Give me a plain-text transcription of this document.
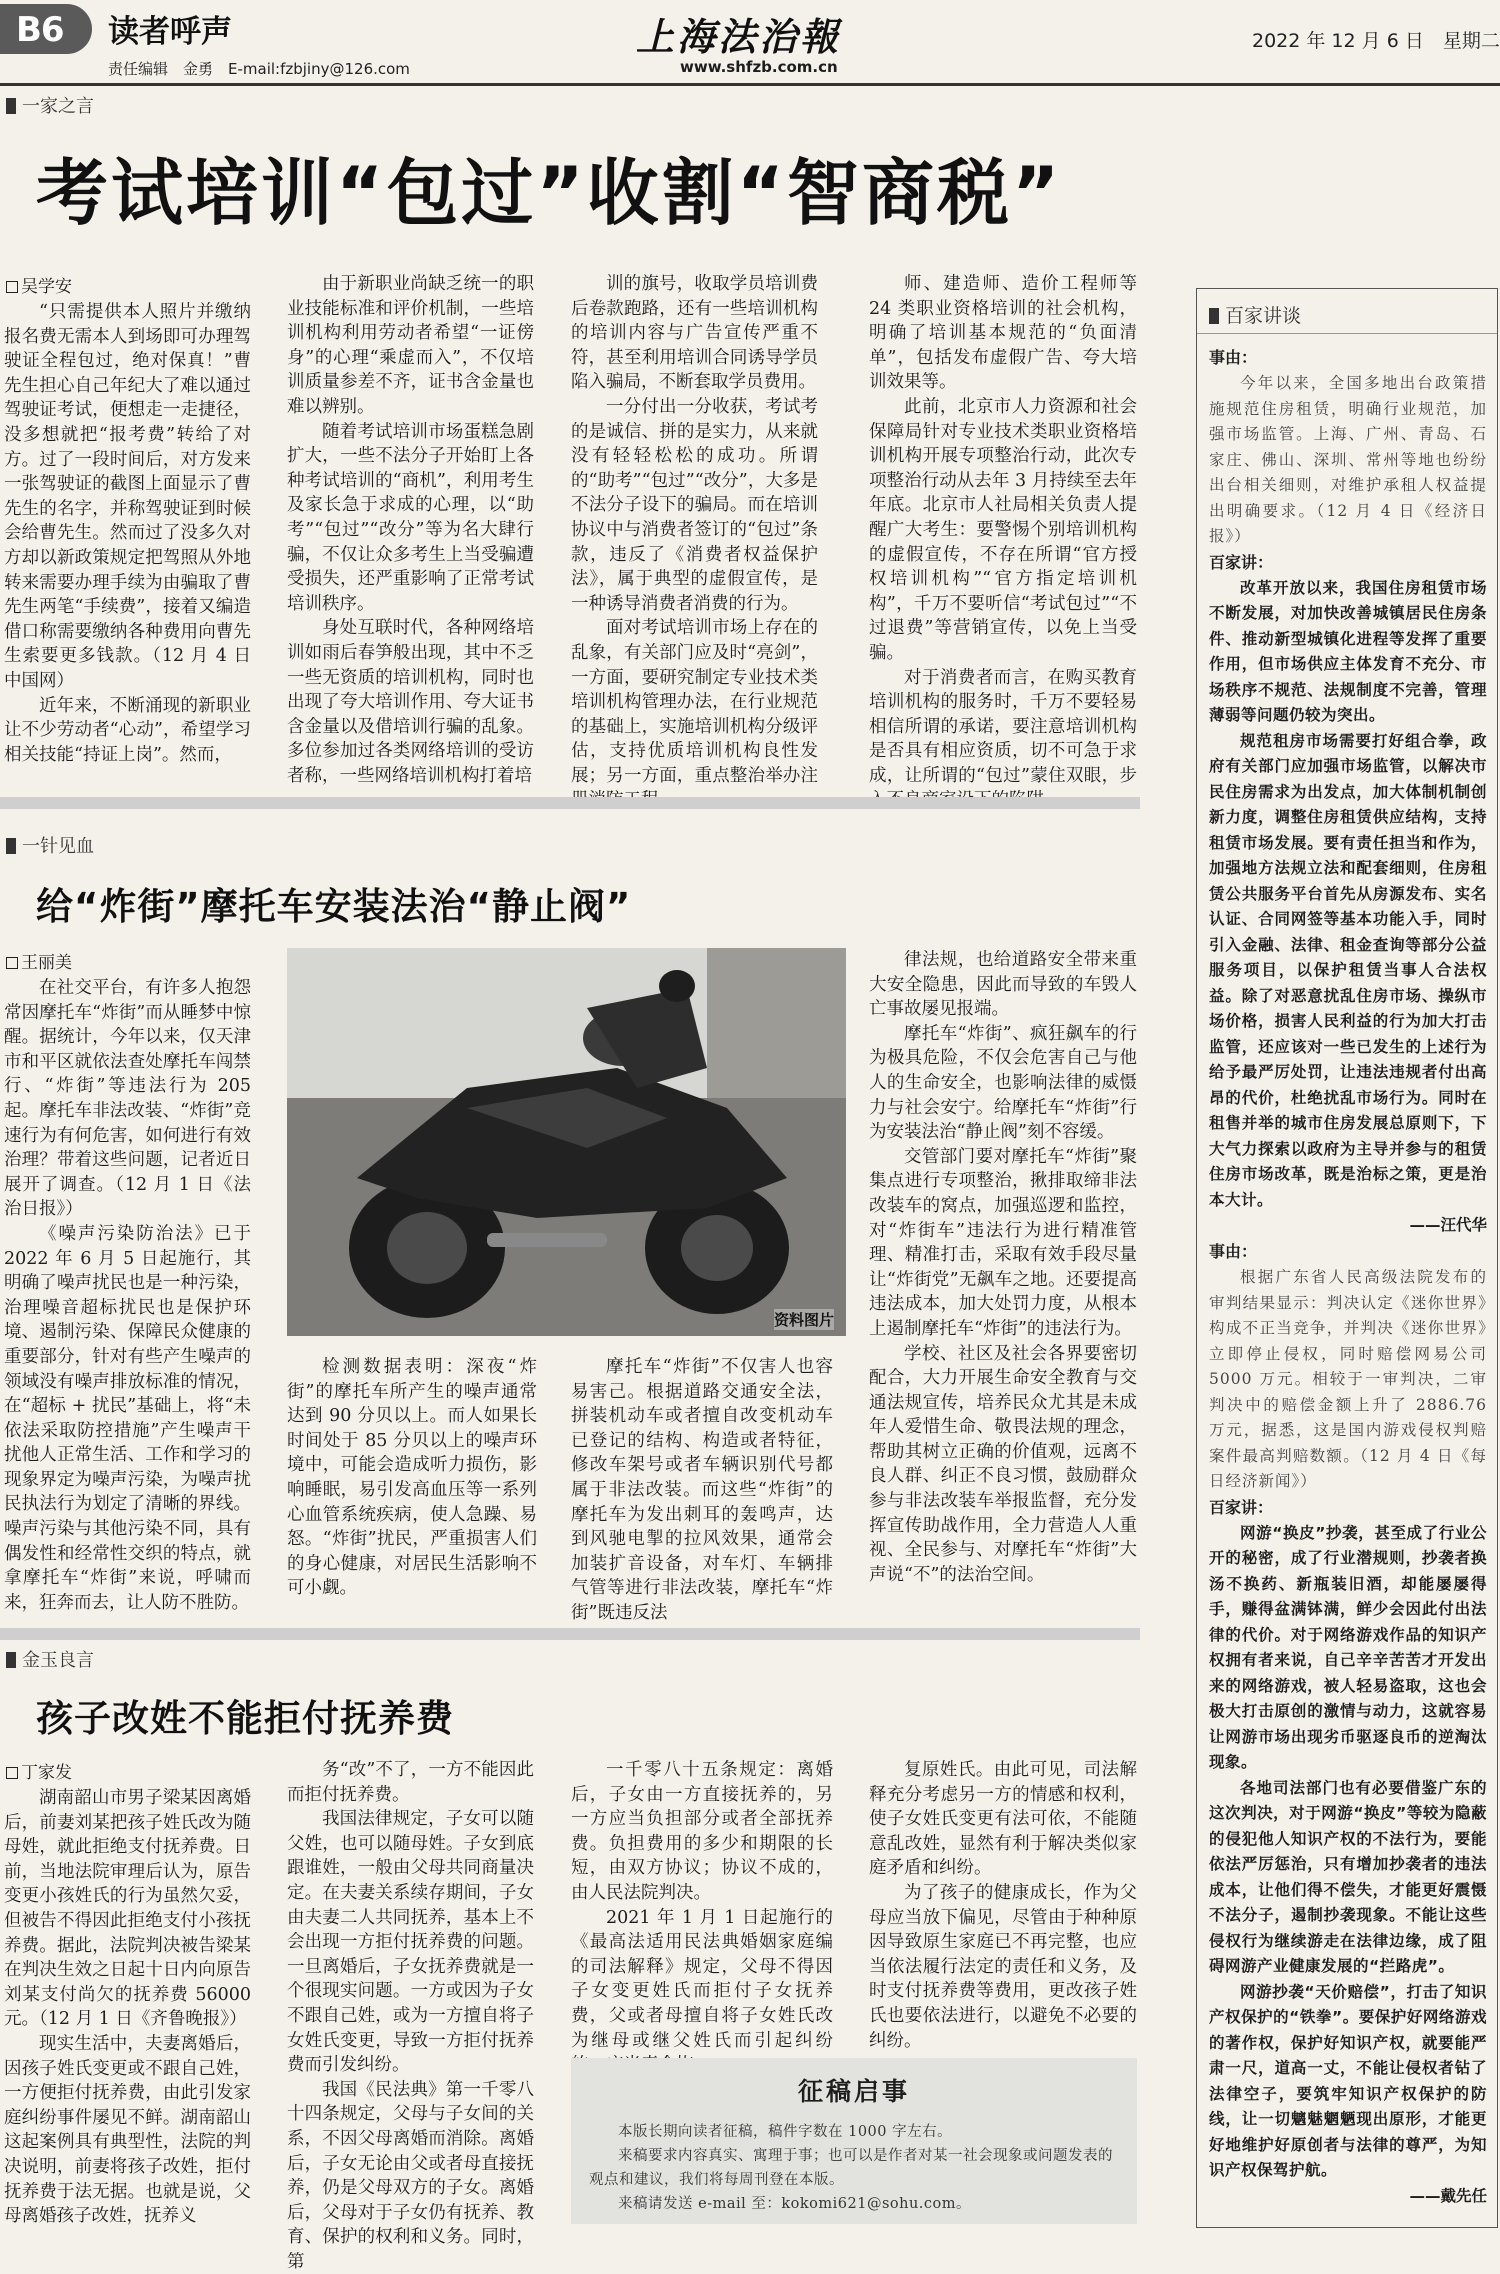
B6 读者呼声
责任编辑　金勇　E-mail:fzbjiny@126.com
上海法治報
www.shfzb.com.cn
2022 年 12 月 6 日　星期二
一家之言
考试培训“包过”收割“智商税”
吴学安

“只需提供本人照片并缴纳报名费无需本人到场即可办理驾驶证全程包过，绝对保真！”曹先生担心自己年纪大了难以通过驾驶证考试，便想走一走捷径，没多想就把“报考费”转给了对方。过了一段时间后，对方发来一张驾驶证的截图上面显示了曹先生的名字，并称驾驶证到时候会给曹先生。然而过了没多久对方却以新政策规定把驾照从外地转来需要办理手续为由骗取了曹先生两笔“手续费”，接着又编造借口称需要缴纳各种费用向曹先生索要更多钱款。（12 月 4 日中国网）

近年来，不断涌现的新职业让不少劳动者“心动”，希望学习相关技能“持证上岗”。然而，

由于新职业尚缺乏统一的职业技能标准和评价机制，一些培训机构利用劳动者希望“一证傍身”的心理“乘虚而入”，不仅培训质量参差不齐，证书含金量也难以辨别。

随着考试培训市场蛋糕急剧扩大，一些不法分子开始盯上各种考试培训的“商机”，利用考生及家长急于求成的心理，以“助考”“包过”“改分”等为名大肆行骗，不仅让众多考生上当受骗遭受损失，还严重影响了正常考试培训秩序。

身处互联时代，各种网络培训如雨后春笋般出现，其中不乏一些无资质的培训机构，同时也出现了夸大培训作用、夸大证书含金量以及借培训行骗的乱象。多位参加过各类网络培训的受访者称，一些网络培训机构打着培

训的旗号，收取学员培训费后卷款跑路，还有一些培训机构的培训内容与广告宣传严重不符，甚至利用培训合同诱导学员陷入骗局，不断套取学员费用。

一分付出一分收获，考试考的是诚信、拼的是实力，从来就没有轻轻松松的成功。所谓的“助考”“包过”“改分”，大多是不法分子设下的骗局。而在培训协议中与消费者签订的“包过”条款，违反了《消费者权益保护法》，属于典型的虚假宣传，是一种诱导消费者消费的行为。

面对考试培训市场上存在的乱象，有关部门应及时“亮剑”，一方面，要研究制定专业技术类培训机构管理办法，在行业规范的基础上，实施培训机构分级评估，支持优质培训机构良性发展；另一方面，重点整治举办注

师、建造师、造价工程师等 24 类职业资格培训的社会机构，明确了培训基本规范的“负面清单”，包括发布虚假广告、夸大培训效果等。

此前，北京市人力资源和社会保障局针对专业技术类职业资格培训机构开展专项整治行动，此次专项整治行动从去年 3 月持续至去年年底。北京市人社局相关负责人提醒广大考生：要警惕个别培训机构的虚假宣传，不存在所谓“官方授权培训机构”“官方指定培训机构”，千万不要听信“考试包过”“不过退费”等营销宣传，以免上当受骗。

对于消费者而言，在购买教育培训机构的服务时，千万不要轻易相信所谓的承诺，要注意培训机构是否具有相应资质，切不可急于求成，让所谓的“包过”蒙住双眼，步

一针见血
给“炸街”摩托车安装法治“静止阀”
王丽美

在社交平台，有许多人抱怨常因摩托车“炸街”而从睡梦中惊醒。据统计，今年以来，仅天津市和平区就依法查处摩托车闯禁行、“炸街”等违法行为 205 起。摩托车非法改装、“炸街”竞速行为有何危害，如何进行有效治理？带着这些问题，记者近日展开了调查。（12 月 1 日《法治日报》）

《噪声污染防治法》已于 2022 年 6 月 5 日起施行，其明确了噪声扰民也是一种污染，治理噪音超标扰民也是保护环境、遏制污染、保障民众健康的重要部分，针对有些产生噪声的领域没有噪声排放标准的情况，在“超标 + 扰民”基础上，将“未依法采取防控措施”产生噪声干扰他人正常生活、工作和学习的现象界定为噪声污染，为噪声扰民执法行为划定了清晰的界线。噪声污染与其他污染不同，具有偶发性和经常性交织的特点，就拿摩托车“炸街”来说，呼啸而来，狂奔而去，让人防不胜防。

资料图片

检测数据表明：深夜“炸街”的摩托车所产生的噪声通常达到 90 分贝以上。而人如果长时间处于 85 分贝以上的噪声环境中，可能会造成听力损伤，影响睡眠，易引发高血压等一系列心血管系统疾病，使人急躁、易怒。“炸街”扰民，严重损害人们的身心健康，对居民生活影响不可小觑。

摩托车“炸街”不仅害人也容易害己。根据道路交通安全法，拼装机动车或者擅自改变机动车已登记的结构、构造或者特征，修改车架号或者车辆识别代号都属于非法改装。而这些“炸街”的摩托车为发出刺耳的轰鸣声，达到风驰电掣的拉风效果，通常会加装扩音设备，对车灯、车辆排气管等进行非法改装，摩托车“炸街”既违反法

律法规，也给道路安全带来重大安全隐患，因此而导致的车毁人亡事故屡见报端。

摩托车“炸街”、疯狂飙车的行为极具危险，不仅会危害自己与他人的生命安全，也影响法律的威慑力与社会安宁。给摩托车“炸街”行为安装法治“静止阀”刻不容缓。

交管部门要对摩托车“炸街”聚集点进行专项整治，揪排取缔非法改装车的窝点，加强巡逻和监控，对“炸街车”违法行为进行精准管理、精准打击，采取有效手段尽量让“炸街党”无飙车之地。还要提高违法成本，加大处罚力度，从根本上遏制摩托车“炸街”的违法行为。

学校、社区及社会各界要密切配合，大力开展生命安全教育与交通法规宣传，培养民众尤其是未成年人爱惜生命、敬畏法规的理念，帮助其树立正确的价值观，远离不良人群、纠正不良习惯，鼓励群众参与非法改装车举报监督，充分发挥宣传助战作用，全力营造人人重视、全民参与、对摩托车“炸街”大声说“不”的法治空间。

金玉良言
孩子改姓不能拒付抚养费
丁家发

湖南韶山市男子梁某因离婚后，前妻刘某把孩子姓氏改为随母姓，就此拒绝支付抚养费。日前，当地法院审理后认为，原告变更小孩姓氏的行为虽然欠妥，但被告不得因此拒绝支付小孩抚养费。据此，法院判决被告梁某在判决生效之日起十日内向原告刘某支付尚欠的抚养费 56000 元。（12 月 1 日《齐鲁晚报》）

现实生活中，夫妻离婚后，因孩子姓氏变更或不跟自己姓，一方便拒付抚养费，由此引发家庭纠纷事件屡见不鲜。湖南韶山这起案例具有典型性，法院的判决说明，前妻将孩子改姓，拒付抚养费于法无据。也就是说，父母离婚孩子改姓，抚养义

务“改”不了，一方不能因此而拒付抚养费。

我国法律规定，子女可以随父姓，也可以随母姓。子女到底跟谁姓，一般由父母共同商量决定。在夫妻关系续存期间，子女由夫妻二人共同抚养，基本上不会出现一方拒付抚养费的问题。一旦离婚后，子女抚养费就是一个很现实问题。一方或因为子女不跟自己姓，或为一方擅自将子女姓氏变更，导致一方拒付抚养费而引发纠纷。

我国《民法典》第一千零八十四条规定，父母与子女间的关系，不因父母离婚而消除。离婚后，子女无论由父或者母直接抚养，仍是父母双方的子女。离婚后，父母对于子女仍有抚养、教育、保护的权利和义务。同时，第

一千零八十五条规定：离婚后，子女由一方直接抚养的，另一方应当负担部分或者全部抚养费。负担费用的多少和期限的长短，由双方协议；协议不成的，由人民法院判决。

2021 年 1 月 1 日起施行的《最高法适用民法典婚姻家庭编的司法解释》规定，父母不得因子女变更姓氏而拒付子女抚养费，父或者母擅自将子女姓氏改为继母或继父姓氏而引起纠纷

复原姓氏。由此可见，司法解释充分考虑另一方的情感和权利，使子女姓氏变更有法可依，不能随意乱改姓，显然有利于解决类似家庭矛盾和纠纷。

为了孩子的健康成长，作为父母应当放下偏见，尽管由于种种原因导致原生家庭已不再完整，也应当依法履行法定的责任和义务，及时支付抚养费等费用，更改孩子姓氏也要依法进行，以避免不必要的纠纷。

征稿启事

本版长期向读者征稿，稿件字数在 1000 字左右。

来稿要求内容真实、寓理于事；也可以是作者对某一社会现象或问题发表的观点和建议，我们将每周刊登在本版。

来稿请发送 e-mail 至：kokomi621@sohu.com。

百家讲谈
事由：
今年以来，全国多地出台政策措施规范住房租赁，明确行业规范，加强市场监管。上海、广州、青岛、石家庄、佛山、深圳、常州等地也纷纷出台相关细则，对维护承租人权益提出明确要求。（12 月 4 日《经济日报》）
百家讲：

改革开放以来，我国住房租赁市场不断发展，对加快改善城镇居民住房条件、推动新型城镇化进程等发挥了重要作用，但市场供应主体发育不充分、市场秩序不规范、法规制度不完善，管理薄弱等问题仍较为突出。

规范租房市场需要打好组合拳，政府有关部门应加强市场监管，以解决市民住房需求为出发点，加大体制机制创新力度，调整住房租赁供应结构，支持租赁市场发展。要有责任担当和作为，加强地方法规立法和配套细则，住房租赁公共服务平台首先从房源发布、实名认证、合同网签等基本功能入手，同时引入金融、法律、租金查询等部分公益服务项目，以保护租赁当事人合法权益。除了对恶意扰乱住房市场、操纵市场价格，损害人民利益的行为加大打击监管，还应该对一些已发生的上述行为给予最严厉处罚，让违法违规者付出高昂的代价，杜绝扰乱市场行为。同时在租售并举的城市住房发展总原则下，下大气力探索以政府为主导并参与的租赁住房市场改革，既是治标之策，更是治本大计。

——汪代华
事由：
根据广东省人民高级法院发布的审判结果显示：判决认定《迷你世界》构成不正当竞争，并判决《迷你世界》立即停止侵权，同时赔偿网易公司 5000 万元。相较于一审判决，二审判决中的赔偿金额上升了 2886.76 万元，据悉，这是国内游戏侵权判赔案件最高判赔数额。（12 月 4 日《每日经济新闻》）
百家讲：

网游“换皮”抄袭，甚至成了行业公开的秘密，成了行业潜规则，抄袭者换汤不换药、新瓶装旧酒，却能屡屡得手，赚得盆满钵满，鲜少会因此付出法律的代价。对于网络游戏作品的知识产权拥有者来说，自己辛辛苦苦才开发出来的网络游戏，被人轻易盗取，这也会极大打击原创的激情与动力，这就容易让网游市场出现劣币驱逐良币的逆淘汰现象。

各地司法部门也有必要借鉴广东的这次判决，对于网游“换皮”等较为隐蔽的侵犯他人知识产权的不法行为，要能依法严厉惩治，只有增加抄袭者的违法成本，让他们得不偿失，才能更好震慑不法分子，遏制抄袭现象。不能让这些侵权行为继续游走在法律边缘，成了阻碍网游产业健康发展的“拦路虎”。

网游抄袭“天价赔偿”，打击了知识产权保护的“铁拳”。要保护好网络游戏的著作权，保护好知识产权，就要能严肃一尺，道高一丈，不能让侵权者钻了法律空子，要筑牢知识产权保护的防线，让一切魑魅魍魉现出原形，才能更好地维护好原创者与法律的尊严，为知识产权保驾护航。

——戴先任
